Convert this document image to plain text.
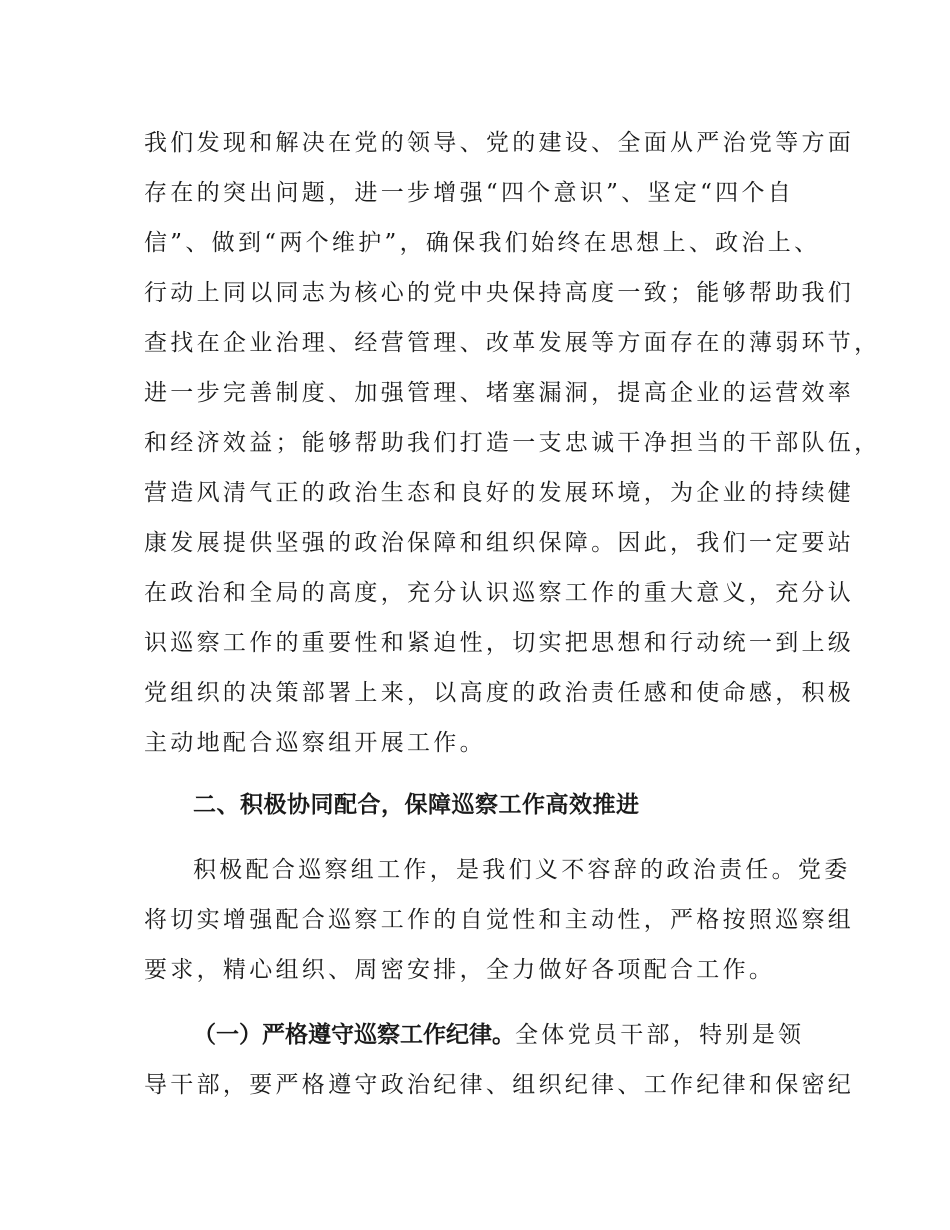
我们发现和解决在党的领导、党的建设、全面从严治党等方面
存在的突出问题，进一步增强“四个意识”、坚定“四个自
信”、做到“两个维护”，确保我们始终在思想上、政治上、
行动上同以同志为核心的党中央保持高度一致；能够帮助我们
查找在企业治理、经营管理、改革发展等方面存在的薄弱环节，
进一步完善制度、加强管理、堵塞漏洞，提高企业的运营效率
和经济效益；能够帮助我们打造一支忠诚干净担当的干部队伍，
营造风清气正的政治生态和良好的发展环境，为企业的持续健
康发展提供坚强的政治保障和组织保障。因此，我们一定要站
在政治和全局的高度，充分认识巡察工作的重大意义，充分认
识巡察工作的重要性和紧迫性，切实把思想和行动统一到上级
党组织的决策部署上来，以高度的政治责任感和使命感，积极
主动地配合巡察组开展工作。
二、积极协同配合，保障巡察工作高效推进
积极配合巡察组工作，是我们义不容辞的政治责任。党委
将切实增强配合巡察工作的自觉性和主动性，严格按照巡察组
要求，精心组织、周密安排，全力做好各项配合工作。
（一）严格遵守巡察工作纪律。全体党员干部，特别是领
导干部，要严格遵守政治纪律、组织纪律、工作纪律和保密纪
